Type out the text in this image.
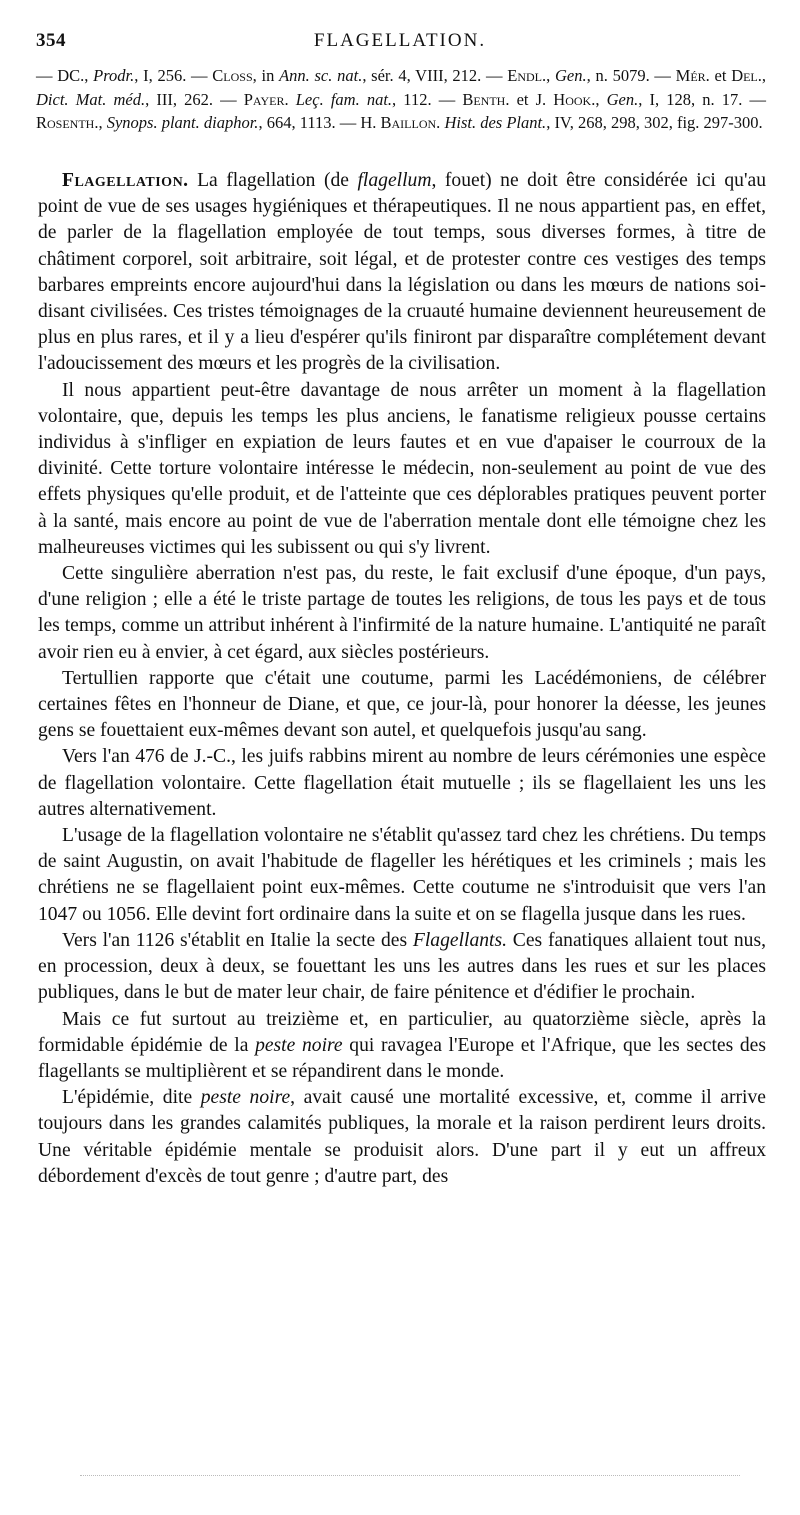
354	FLAGELLATION.

— DC., Prodr., I, 256. — Closs, in Ann. sc. nat., sér. 4, VIII, 212. — Endl., Gen., n. 5079. — Mér. et Del., Dict. Mat. méd., III, 262. — Payer. Leç. fam. nat., 112. — Benth. et J. Hook., Gen., I, 128, n. 17. — Rosenth., Synops. plant. diaphor., 664, 1113. — H. Baillon. Hist. des Plant., IV, 268, 298, 302, fig. 297-300.

Flagellation. La flagellation (de flagellum, fouet) ne doit être considérée ici qu'au point de vue de ses usages hygiéniques et thérapeutiques. Il ne nous appartient pas, en effet, de parler de la flagellation employée de tout temps, sous diverses formes, à titre de châtiment corporel, soit arbitraire, soit légal, et de protester contre ces vestiges des temps barbares empreints encore aujourd'hui dans la législation ou dans les mœurs de nations soi-disant civilisées. Ces tristes témoignages de la cruauté humaine deviennent heureusement de plus en plus rares, et il y a lieu d'espérer qu'ils finiront par disparaître complétement devant l'adoucissement des mœurs et les progrès de la civilisation.

Il nous appartient peut-être davantage de nous arrêter un moment à la flagellation volontaire, que, depuis les temps les plus anciens, le fanatisme religieux pousse certains individus à s'infliger en expiation de leurs fautes et en vue d'apaiser le courroux de la divinité. Cette torture volontaire intéresse le médecin, non-seulement au point de vue des effets physiques qu'elle produit, et de l'atteinte que ces déplorables pratiques peuvent porter à la santé, mais encore au point de vue de l'aberration mentale dont elle témoigne chez les malheureuses victimes qui les subissent ou qui s'y livrent.

Cette singulière aberration n'est pas, du reste, le fait exclusif d'une époque, d'un pays, d'une religion ; elle a été le triste partage de toutes les religions, de tous les pays et de tous les temps, comme un attribut inhérent à l'infirmité de la nature humaine. L'antiquité ne paraît avoir rien eu à envier, à cet égard, aux siècles postérieurs.

Tertullien rapporte que c'était une coutume, parmi les Lacédémoniens, de célébrer certaines fêtes en l'honneur de Diane, et que, ce jour-là, pour honorer la déesse, les jeunes gens se fouettaient eux-mêmes devant son autel, et quelquefois jusqu'au sang.

Vers l'an 476 de J.-C., les juifs rabbins mirent au nombre de leurs cérémonies une espèce de flagellation volontaire. Cette flagellation était mutuelle ; ils se flagellaient les uns les autres alternativement.

L'usage de la flagellation volontaire ne s'établit qu'assez tard chez les chrétiens. Du temps de saint Augustin, on avait l'habitude de flageller les hérétiques et les criminels ; mais les chrétiens ne se flagellaient point eux-mêmes. Cette coutume ne s'introduisit que vers l'an 1047 ou 1056. Elle devint fort ordinaire dans la suite et on se flagella jusque dans les rues.

Vers l'an 1126 s'établit en Italie la secte des Flagellants. Ces fanatiques allaient tout nus, en procession, deux à deux, se fouettant les uns les autres dans les rues et sur les places publiques, dans le but de mater leur chair, de faire pénitence et d'édifier le prochain.

Mais ce fut surtout au treizième et, en particulier, au quatorzième siècle, après la formidable épidémie de la peste noire qui ravagea l'Europe et l'Afrique, que les sectes des flagellants se multiplièrent et se répandirent dans le monde.

L'épidémie, dite peste noire, avait causé une mortalité excessive, et, comme il arrive toujours dans les grandes calamités publiques, la morale et la raison perdirent leurs droits. Une véritable épidémie mentale se produisit alors. D'une part il y eut un affreux débordement d'excès de tout genre ; d'autre part, des
